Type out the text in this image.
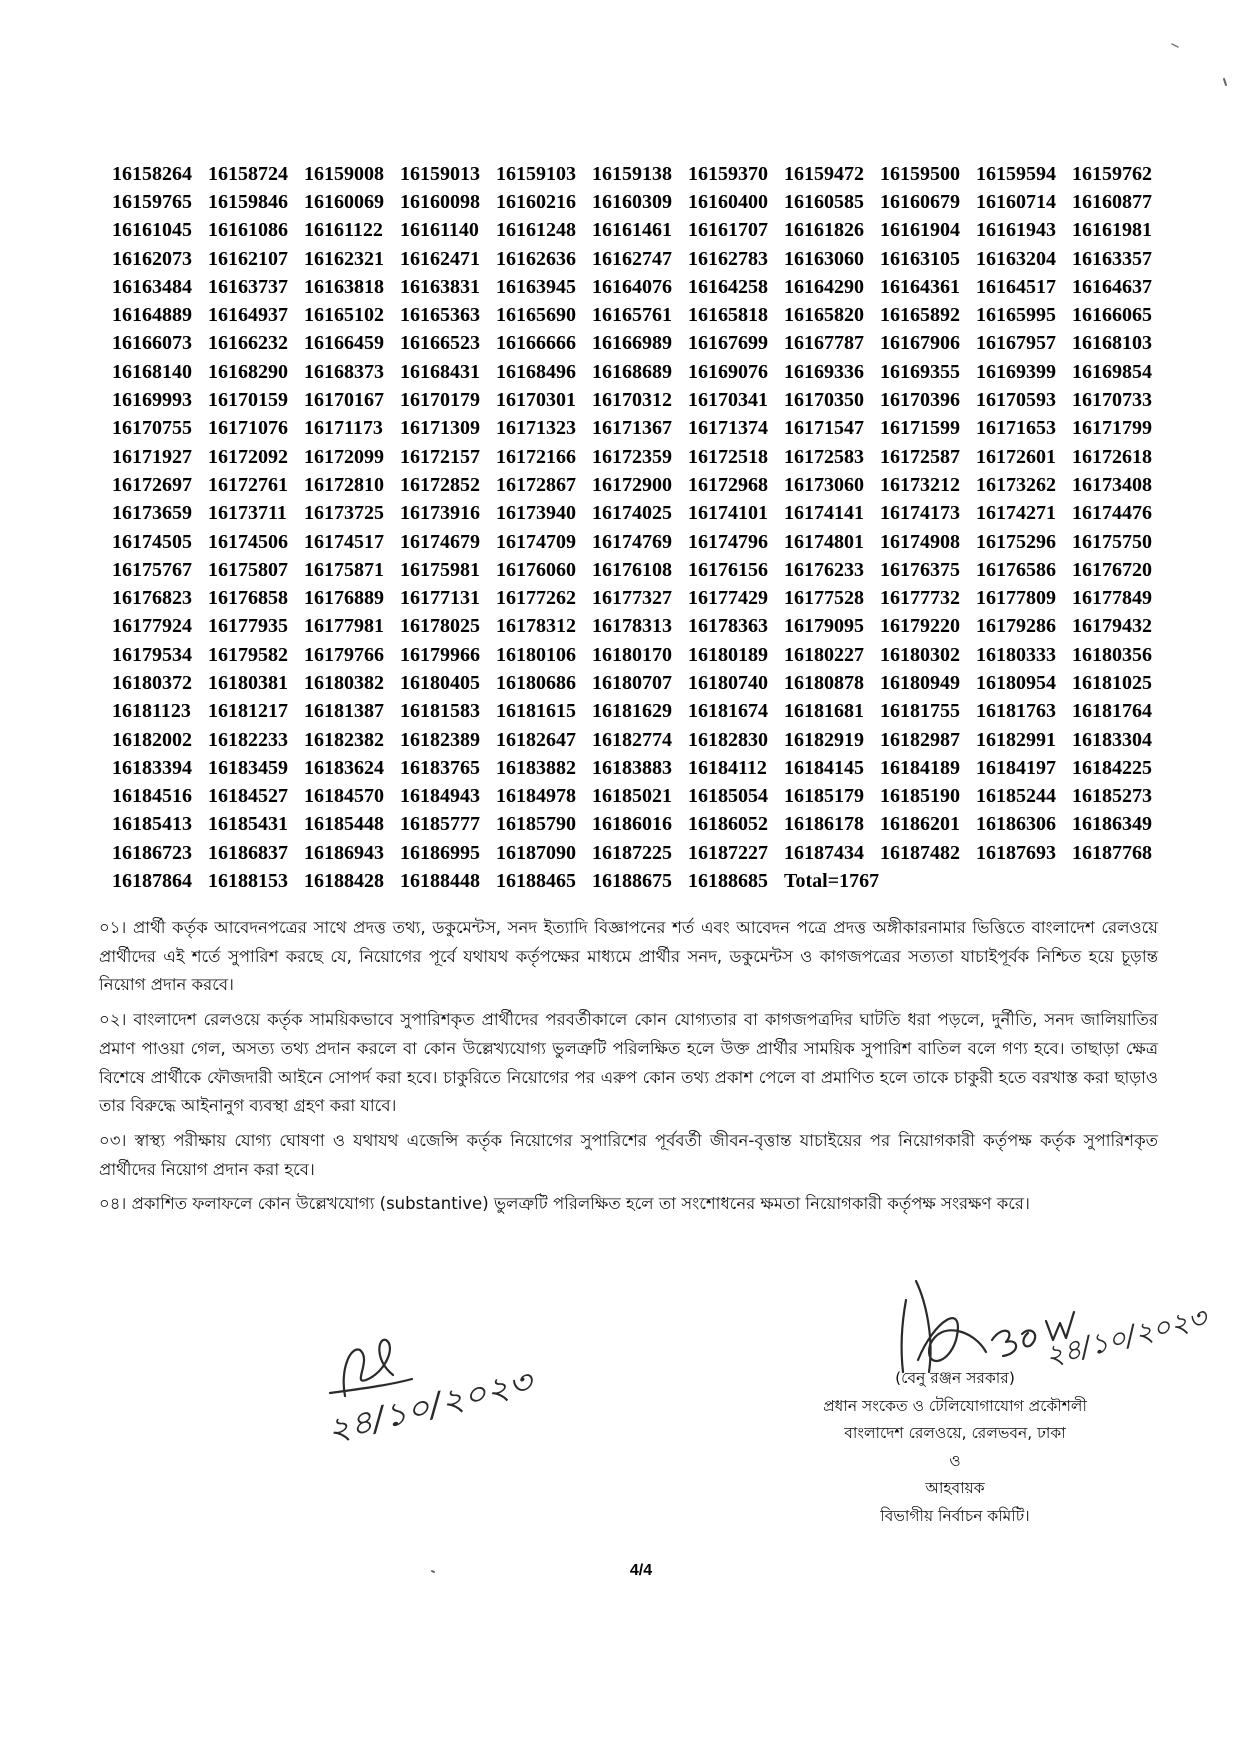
16158264 16158724 16159008 16159013 16159103 16159138 16159370 16159472 16159500 16159594 16159762
16159765 16159846 16160069 16160098 16160216 16160309 16160400 16160585 16160679 16160714 16160877
16161045 16161086 16161122 16161140 16161248 16161461 16161707 16161826 16161904 16161943 16161981
16162073 16162107 16162321 16162471 16162636 16162747 16162783 16163060 16163105 16163204 16163357
16163484 16163737 16163818 16163831 16163945 16164076 16164258 16164290 16164361 16164517 16164637
16164889 16164937 16165102 16165363 16165690 16165761 16165818 16165820 16165892 16165995 16166065
16166073 16166232 16166459 16166523 16166666 16166989 16167699 16167787 16167906 16167957 16168103
16168140 16168290 16168373 16168431 16168496 16168689 16169076 16169336 16169355 16169399 16169854
16169993 16170159 16170167 16170179 16170301 16170312 16170341 16170350 16170396 16170593 16170733
16170755 16171076 16171173 16171309 16171323 16171367 16171374 16171547 16171599 16171653 16171799
16171927 16172092 16172099 16172157 16172166 16172359 16172518 16172583 16172587 16172601 16172618
16172697 16172761 16172810 16172852 16172867 16172900 16172968 16173060 16173212 16173262 16173408
16173659 16173711 16173725 16173916 16173940 16174025 16174101 16174141 16174173 16174271 16174476
16174505 16174506 16174517 16174679 16174709 16174769 16174796 16174801 16174908 16175296 16175750
16175767 16175807 16175871 16175981 16176060 16176108 16176156 16176233 16176375 16176586 16176720
16176823 16176858 16176889 16177131 16177262 16177327 16177429 16177528 16177732 16177809 16177849
16177924 16177935 16177981 16178025 16178312 16178313 16178363 16179095 16179220 16179286 16179432
16179534 16179582 16179766 16179966 16180106 16180170 16180189 16180227 16180302 16180333 16180356
16180372 16180381 16180382 16180405 16180686 16180707 16180740 16180878 16180949 16180954 16181025
16181123 16181217 16181387 16181583 16181615 16181629 16181674 16181681 16181755 16181763 16181764
16182002 16182233 16182382 16182389 16182647 16182774 16182830 16182919 16182987 16182991 16183304
16183394 16183459 16183624 16183765 16183882 16183883 16184112 16184145 16184189 16184197 16184225
16184516 16184527 16184570 16184943 16184978 16185021 16185054 16185179 16185190 16185244 16185273
16185413 16185431 16185448 16185777 16185790 16186016 16186052 16186178 16186201 16186306 16186349
16186723 16186837 16186943 16186995 16187090 16187225 16187227 16187434 16187482 16187693 16187768
16187864 16188153 16188428 16188448 16188465 16188675 16188685 Total=1767

০১। প্রার্থী কর্তৃক আবেদনপত্রের সাথে প্রদত্ত তথ্য, ডকুমেন্টস, সনদ ইত্যাদি বিজ্ঞাপনের শর্ত এবং আবেদন পত্রে প্রদত্ত অঙ্গীকারনামার ভিত্তিতে বাংলাদেশ রেলওয়ে প্রার্থীদের এই শর্তে সুপারিশ করছে যে, নিয়োগের পূর্বে যথাযথ কর্তৃপক্ষের মাধ্যমে প্রার্থীর সনদ, ডকুমেন্টস ও কাগজপত্রের সত্যতা যাচাইপূর্বক নিশ্চিত হয়ে চূড়ান্ত নিয়োগ প্রদান করবে।

০২। বাংলাদেশ রেলওয়ে কর্তৃক সাময়িকভাবে সুপারিশকৃত প্রার্থীদের পরবর্তীকালে কোন যোগ্যতার বা কাগজপত্রদির ঘাটতি ধরা পড়লে, দুর্নীতি, সনদ জালিয়াতির প্রমাণ পাওয়া গেল, অসত্য তথ্য প্রদান করলে বা কোন উল্লেখ্যযোগ্য ভুলত্রুটি পরিলক্ষিত হলে উক্ত প্রার্থীর সাময়িক সুপারিশ বাতিল বলে গণ্য হবে। তাছাড়া ক্ষেত্র বিশেষে প্রার্থীকে ফৌজদারী আইনে সোপর্দ করা হবে। চাকুরিতে নিয়োগের পর এরুপ কোন তথ্য প্রকাশ পেলে বা প্রমাণিত হলে তাকে চাকুরী হতে বরখাস্ত করা ছাড়াও তার বিরুদ্ধে আইনানুগ ব্যবস্থা গ্রহণ করা যাবে।

০৩। স্বাস্থ্য পরীক্ষায় যোগ্য ঘোষণা ও যথাযথ এজেন্সি কর্তৃক নিয়োগের সুপারিশের পূর্ববর্তী জীবন-বৃত্তান্ত যাচাইয়ের পর নিয়োগকারী কর্তৃপক্ষ কর্তৃক সুপারিশকৃত প্রার্থীদের নিয়োগ প্রদান করা হবে।

০৪। প্রকাশিত ফলাফলে কোন উল্লেখযোগ্য (substantive) ভুলত্রুটি পরিলক্ষিত হলে তা সংশোধনের ক্ষমতা নিয়োগকারী কর্তৃপক্ষ সংরক্ষণ করে।

(বেনু রঞ্জন সরকার)
প্রধান সংকেত ও টেলিযোগাযোগ প্রকৌশলী
বাংলাদেশ রেলওয়ে, রেলভবন, ঢাকা
ও
আহবায়ক
বিভাগীয় নির্বাচন কমিটি।
4/4
২৪/১০/২০২৩
২৪/১০/২০২৩
